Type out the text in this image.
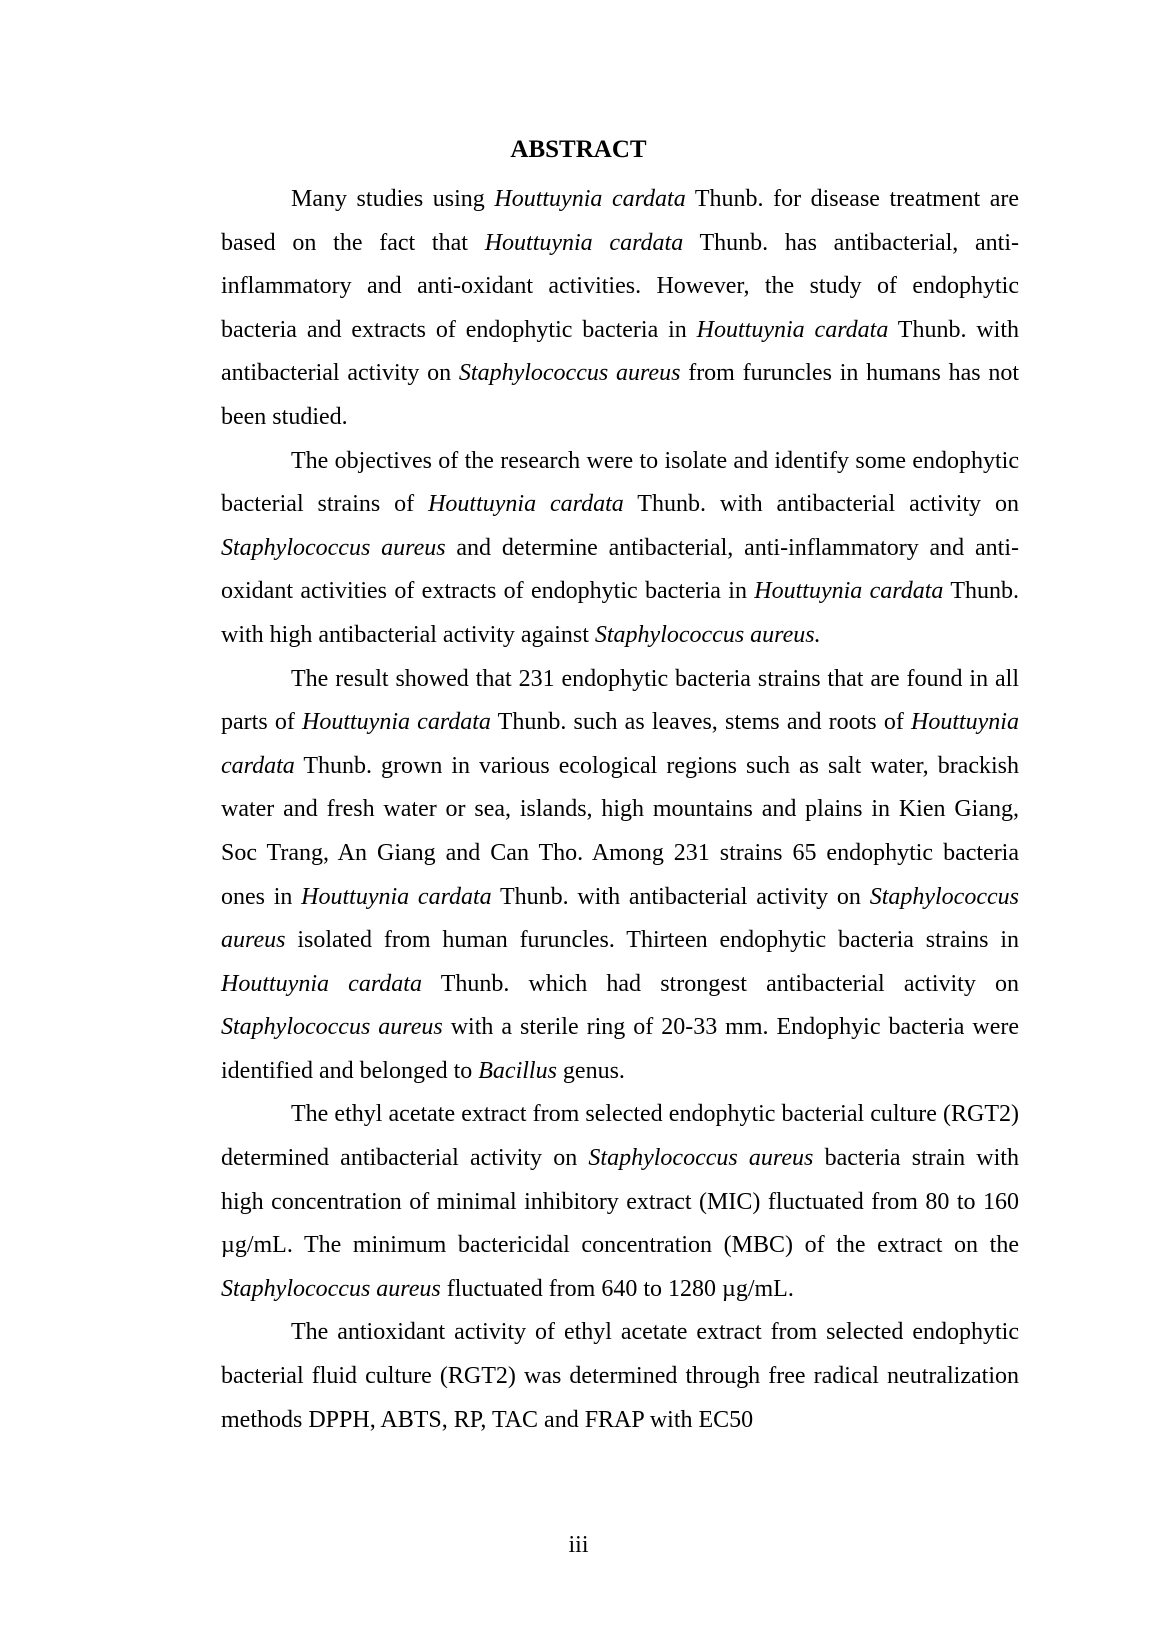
ABSTRACT

Many studies using Houttuynia cardata Thunb. for disease treatment are based on the fact that Houttuynia cardata Thunb. has antibacterial, anti-inflammatory and anti-oxidant activities. However, the study of endophytic bacteria and extracts of endophytic bacteria in Houttuynia cardata Thunb. with antibacterial activity on Staphylococcus aureus from furuncles in humans has not been studied.

The objectives of the research were to isolate and identify some endophytic bacterial strains of Houttuynia cardata Thunb. with antibacterial activity on Staphylococcus aureus and determine antibacterial, anti-inflammatory and anti-oxidant activities of extracts of endophytic bacteria in Houttuynia cardata Thunb. with high antibacterial activity against Staphylococcus aureus.

The result showed that 231 endophytic bacteria strains that are found in all parts of Houttuynia cardata Thunb. such as leaves, stems and roots of Houttuynia cardata Thunb. grown in various ecological regions such as salt water, brackish water and fresh water or sea, islands, high mountains and plains in Kien Giang, Soc Trang, An Giang and Can Tho. Among 231 strains 65 endophytic bacteria ones in Houttuynia cardata Thunb. with antibacterial activity on Staphylococcus aureus isolated from human furuncles. Thirteen endophytic bacteria strains in Houttuynia cardata Thunb. which had strongest antibacterial activity on Staphylococcus aureus with a sterile ring of 20-33 mm. Endophyic bacteria were identified and belonged to Bacillus genus.

The ethyl acetate extract from selected endophytic bacterial culture (RGT2) determined antibacterial activity on Staphylococcus aureus bacteria strain with high concentration of minimal inhibitory extract (MIC) fluctuated from 80 to 160 µg/mL. The minimum bactericidal concentration (MBC) of the extract on the Staphylococcus aureus fluctuated from 640 to 1280 µg/mL.

The antioxidant activity of ethyl acetate extract from selected endophytic bacterial fluid culture (RGT2) was determined through free radical neutralization methods DPPH, ABTS, RP, TAC and FRAP with EC50

iii
